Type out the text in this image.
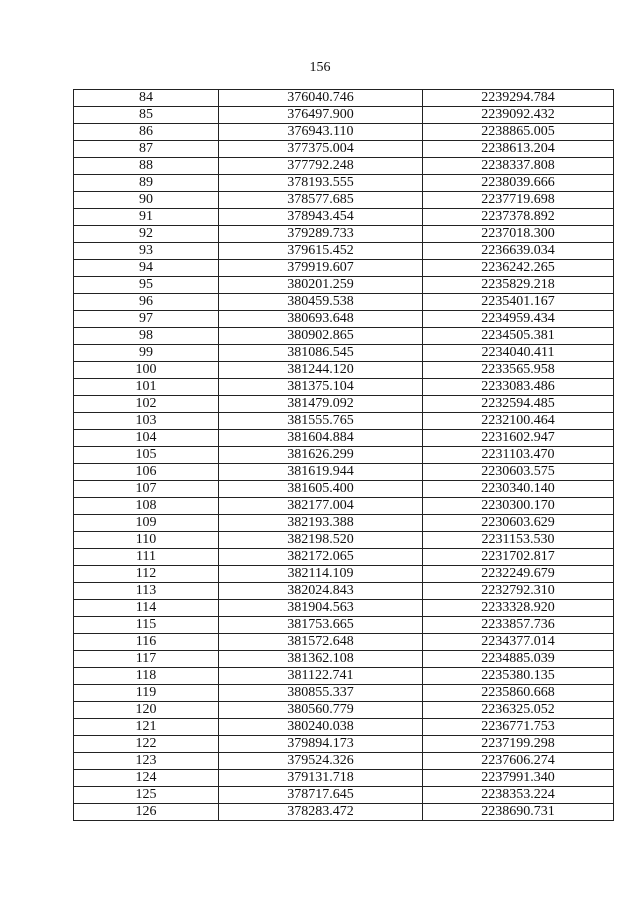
156
84	376040.746	2239294.784
85	376497.900	2239092.432
86	376943.110	2238865.005
87	377375.004	2238613.204
88	377792.248	2238337.808
89	378193.555	2238039.666
90	378577.685	2237719.698
91	378943.454	2237378.892
92	379289.733	2237018.300
93	379615.452	2236639.034
94	379919.607	2236242.265
95	380201.259	2235829.218
96	380459.538	2235401.167
97	380693.648	2234959.434
98	380902.865	2234505.381
99	381086.545	2234040.411
100	381244.120	2233565.958
101	381375.104	2233083.486
102	381479.092	2232594.485
103	381555.765	2232100.464
104	381604.884	2231602.947
105	381626.299	2231103.470
106	381619.944	2230603.575
107	381605.400	2230340.140
108	382177.004	2230300.170
109	382193.388	2230603.629
110	382198.520	2231153.530
111	382172.065	2231702.817
112	382114.109	2232249.679
113	382024.843	2232792.310
114	381904.563	2233328.920
115	381753.665	2233857.736
116	381572.648	2234377.014
117	381362.108	2234885.039
118	381122.741	2235380.135
119	380855.337	2235860.668
120	380560.779	2236325.052
121	380240.038	2236771.753
122	379894.173	2237199.298
123	379524.326	2237606.274
124	379131.718	2237991.340
125	378717.645	2238353.224
126	378283.472	2238690.731
